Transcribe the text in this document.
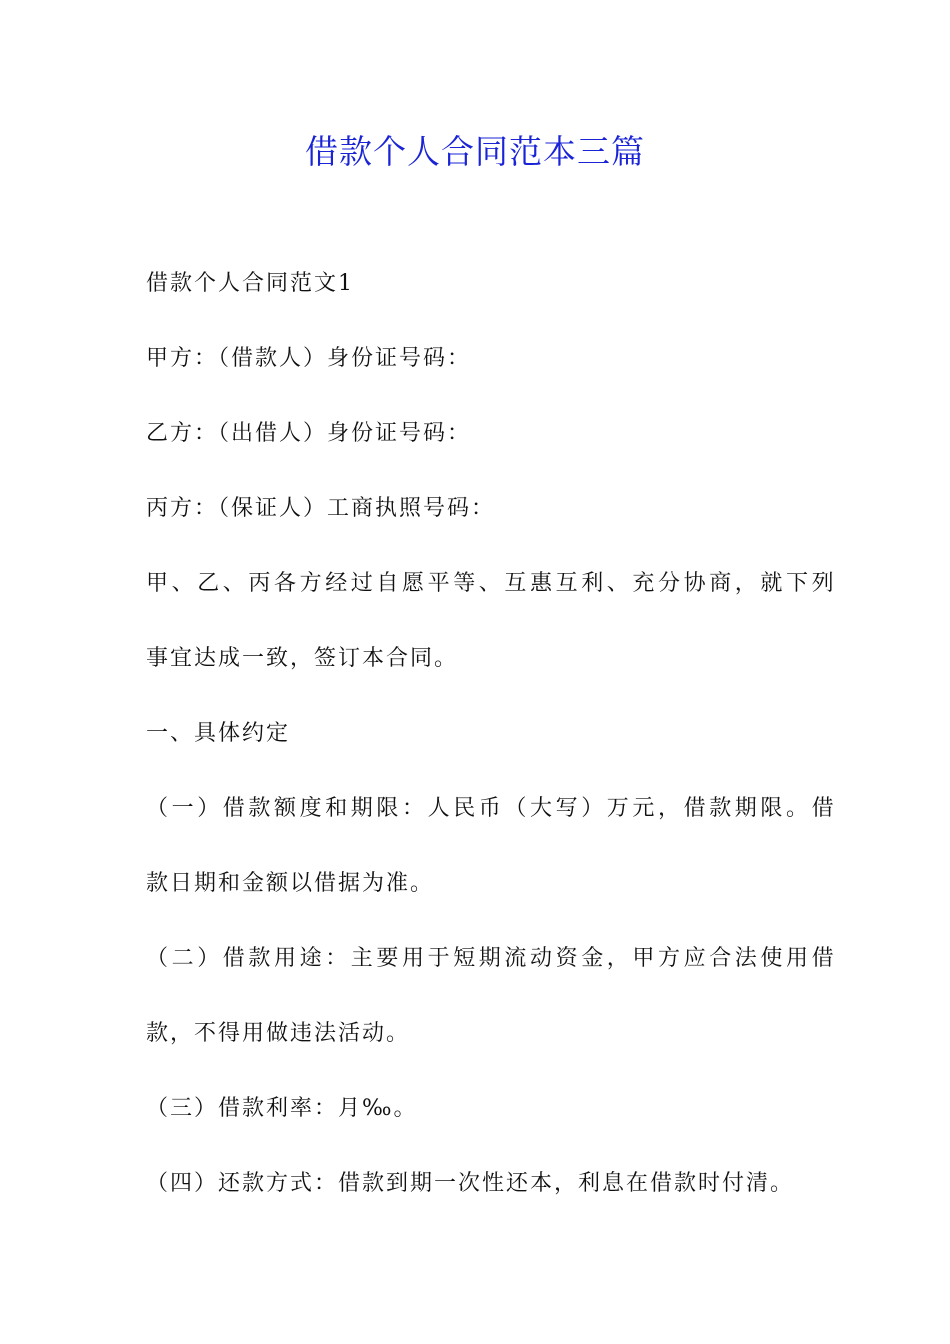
借款个人合同范本三篇
借款个人合同范文1
甲方：（借款人）身份证号码：
乙方：（出借人）身份证号码：
丙方：（保证人）工商执照号码：
甲、乙、丙各方经过自愿平等、互惠互利、充分协商，就下列
事宜达成一致，签订本合同。
一、具体约定
（一）借款额度和期限：人民币（大写）万元，借款期限。借
款日期和金额以借据为准。
（二）借款用途：主要用于短期流动资金，甲方应合法使用借
款，不得用做违法活动。
（三）借款利率：月‰。
（四）还款方式：借款到期一次性还本，利息在借款时付清。
